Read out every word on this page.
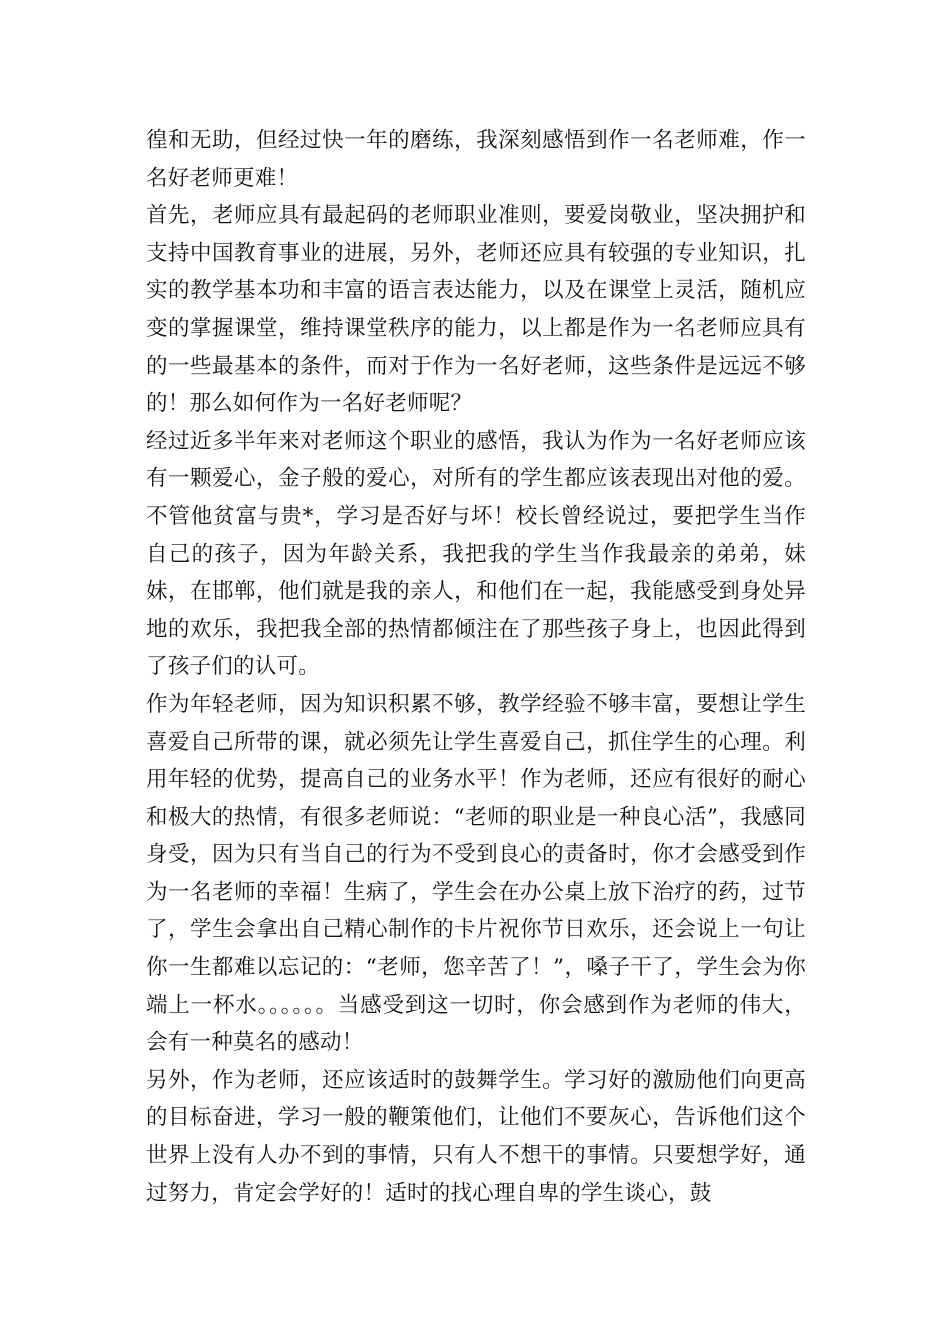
徨和无助，但经过快一年的磨练，我深刻感悟到作一名老师难，作一名好老师更难！

首先，老师应具有最起码的老师职业准则，要爱岗敬业，坚决拥护和支持中国教育事业的进展，另外，老师还应具有较强的专业知识，扎实的教学基本功和丰富的语言表达能力，以及在课堂上灵活，随机应变的掌握课堂，维持课堂秩序的能力，以上都是作为一名老师应具有的一些最基本的条件，而对于作为一名好老师，这些条件是远远不够的！那么如何作为一名好老师呢？

经过近多半年来对老师这个职业的感悟，我认为作为一名好老师应该有一颗爱心，金子般的爱心，对所有的学生都应该表现出对他的爱。不管他贫富与贵*，学习是否好与坏！校长曾经说过，要把学生当作自己的孩子，因为年龄关系，我把我的学生当作我最亲的弟弟，妹妹，在邯郸，他们就是我的亲人，和他们在一起，我能感受到身处异地的欢乐，我把我全部的热情都倾注在了那些孩子身上，也因此得到了孩子们的认可。

作为年轻老师，因为知识积累不够，教学经验不够丰富，要想让学生喜爱自己所带的课，就必须先让学生喜爱自己，抓住学生的心理。利用年轻的优势，提高自己的业务水平！作为老师，还应有很好的耐心和极大的热情，有很多老师说：“老师的职业是一种良心活”，我感同身受，因为只有当自己的行为不受到良心的责备时，你才会感受到作为一名老师的幸福！生病了，学生会在办公桌上放下治疗的药，过节了，学生会拿出自己精心制作的卡片祝你节日欢乐，还会说上一句让你一生都难以忘记的：“老师，您辛苦了！”，嗓子干了，学生会为你端上一杯水。。。。。。当感受到这一切时，你会感到作为老师的伟大，会有一种莫名的感动！

另外，作为老师，还应该适时的鼓舞学生。学习好的激励他们向更高的目标奋进，学习一般的鞭策他们，让他们不要灰心，告诉他们这个世界上没有人办不到的事情，只有人不想干的事情。只要想学好，通过努力，肯定会学好的！适时的找心理自卑的学生谈心，鼓
